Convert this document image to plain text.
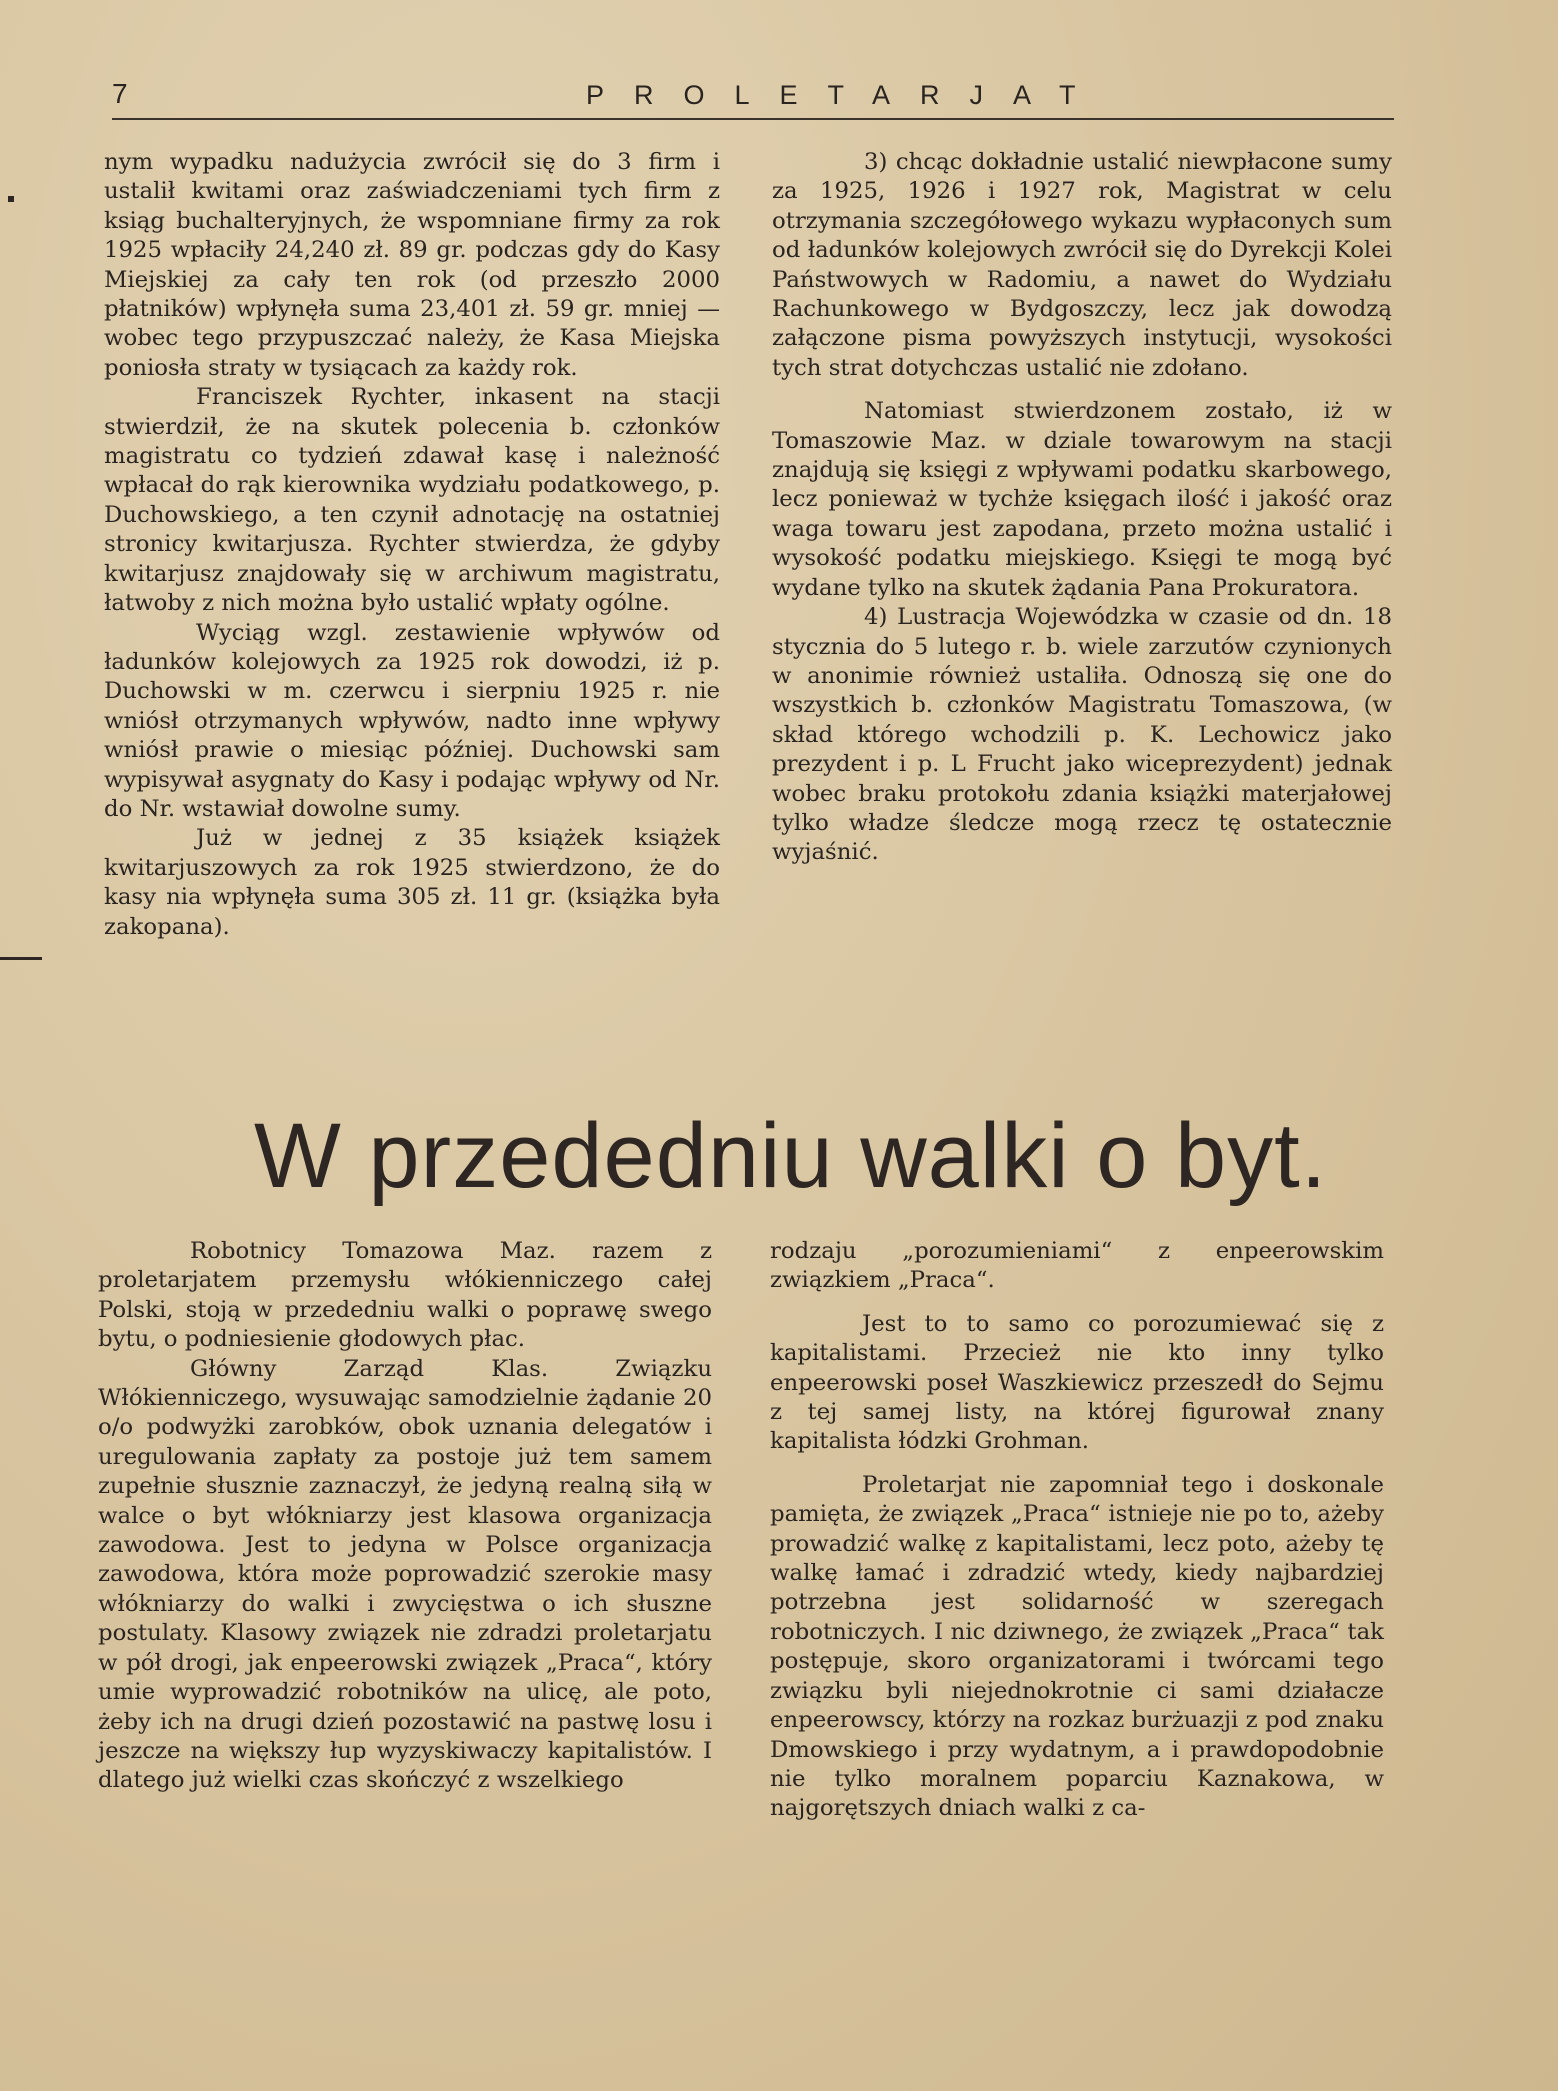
7	PROLETARJAT

nym wypadku nadużycia zwrócił się do 3 firm i ustalił kwitami oraz zaświadczeniami tych firm z ksiąg buchalteryjnych, że wspomniane firmy za rok 1925 wpłaciły 24,240 zł. 89 gr. podczas gdy do Kasy Miejskiej za cały ten rok (od przeszło 2000 płatników) wpłynęła suma 23,401 zł. 59 gr. mniej — wobec tego przypuszczać należy, że Kasa Miejska poniosła straty w tysiącach za każdy rok.

Franciszek Rychter, inkasent na stacji stwierdził, że na skutek polecenia b. członków magistratu co tydzień zdawał kasę i należność wpłacał do rąk kierownika wydziału podatkowego, p. Duchowskiego, a ten czynił adnotację na ostatniej stronicy kwitarjusza. Rychter stwierdza, że gdyby kwitarjusz znajdowały się w archiwum magistratu, łatwoby z nich można było ustalić wpłaty ogólne.

Wyciąg wzgl. zestawienie wpływów od ładunków kolejowych za 1925 rok dowodzi, iż p. Duchowski w m. czerwcu i sierpniu 1925 r. nie wniósł otrzymanych wpływów, nadto inne wpływy wniósł prawie o miesiąc później. Duchowski sam wypisywał asygnaty do Kasy i podając wpływy od Nr. do Nr. wstawiał dowolne sumy.

Już w jednej z 35 książek książek kwitarjuszowych za rok 1925 stwierdzono, że do kasy nia wpłynęła suma 305 zł. 11 gr. (książka była zakopana).

3) chcąc dokładnie ustalić niewpłacone sumy za 1925, 1926 i 1927 rok, Magistrat w celu otrzymania szczegółowego wykazu wypłaconych sum od ładunków kolejowych zwrócił się do Dyrekcji Kolei Państwowych w Radomiu, a nawet do Wydziału Rachunkowego w Bydgoszczy, lecz jak dowodzą załączone pisma powyższych instytucji, wysokości tych strat dotychczas ustalić nie zdołano.

Natomiast stwierdzonem zostało, iż w Tomaszowie Maz. w dziale towarowym na stacji znajdują się księgi z wpływami podatku skarbowego, lecz ponieważ w tychże księgach ilość i jakość oraz waga towaru jest zapodana, przeto można ustalić i wysokość podatku miejskiego. Księgi te mogą być wydane tylko na skutek żądania Pana Prokuratora.

4) Lustracja Wojewódzka w czasie od dn. 18 stycznia do 5 lutego r. b. wiele zarzutów czynionych w anonimie również ustaliła. Odnoszą się one do wszystkich b. członków Magistratu Tomaszowa, (w skład którego wchodzili p. K. Lechowicz jako prezydent i p. L Frucht jako wiceprezydent) jednak wobec braku protokołu zdania książki materjałowej tylko władze śledcze mogą rzecz tę ostatecznie wyjaśnić.

W przededniu walki o byt.

Robotnicy Tomazowa Maz. razem z proletarjatem przemysłu włókienniczego całej Polski, stoją w przededniu walki o poprawę swego bytu, o podniesienie głodowych płac.

Główny Zarząd Klas. Związku Włókienniczego, wysuwając samodzielnie żądanie 20 o/o podwyżki zarobków, obok uznania delegatów i uregulowania zapłaty za postoje już tem samem zupełnie słusznie zaznaczył, że jedyną realną siłą w walce o byt włókniarzy jest klasowa organizacja zawodowa. Jest to jedyna w Polsce organizacja zawodowa, która może poprowadzić szerokie masy włókniarzy do walki i zwycięstwa o ich słuszne postulaty. Klasowy związek nie zdradzi proletarjatu w pół drogi, jak enpeerowski związek „Praca“, który umie wyprowadzić robotników na ulicę, ale poto, żeby ich na drugi dzień pozostawić na pastwę losu i jeszcze na większy łup wyzyskiwaczy kapitalistów. I dlatego już wielki czas skończyć z wszelkiego

rodzaju „porozumieniami“ z enpeerowskim związkiem „Praca“.

Jest to to samo co porozumiewać się z kapitalistami. Przecież nie kto inny tylko enpeerowski poseł Waszkiewicz przeszedł do Sejmu z tej samej listy, na której figurował znany kapitalista łódzki Grohman.

Proletarjat nie zapomniał tego i doskonale pamięta, że związek „Praca“ istnieje nie po to, ażeby prowadzić walkę z kapitalistami, lecz poto, ażeby tę walkę łamać i zdradzić wtedy, kiedy najbardziej potrzebna jest solidarność w szeregach robotniczych. I nic dziwnego, że związek „Praca“ tak postępuje, skoro organizatorami i twórcami tego związku byli niejednokrotnie ci sami działacze enpeerowscy, którzy na rozkaz burżuazji z pod znaku Dmowskiego i przy wydatnym, a i prawdopodobnie nie tylko moralnem poparciu Kaznakowa, w najgorętszych dniach walki z ca-
